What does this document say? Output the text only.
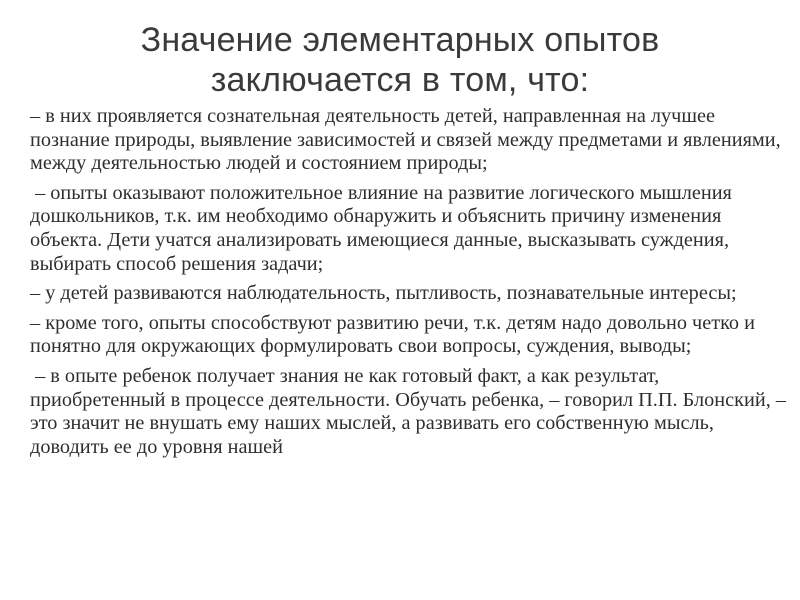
Значение элементарных опытов заключается в том, что:

– в них проявляется сознательная деятельность детей, направленная на лучшее познание природы, выявление зависимостей и связей между предметами и явлениями, между деятельностью людей и состоянием природы;

– опыты оказывают положительное влияние на развитие логического мышления дошкольников, т.к. им необходимо обнаружить и объяснить причину изменения объекта. Дети учатся анализировать имеющиеся данные, высказывать суждения, выбирать способ решения задачи;

– у детей развиваются наблюдательность, пытливость, познавательные интересы;

– кроме того, опыты способствуют развитию речи, т.к. детям надо довольно четко и понятно для окружающих формулировать свои вопросы, суждения, выводы;

– в опыте ребенок получает знания не как готовый факт, а как результат, приобретенный в процессе деятельности. Обучать ребенка, – говорил П.П. Блонский, – это значит не внушать ему наших мыслей, а развивать его собственную мысль, доводить ее до уровня нашей
